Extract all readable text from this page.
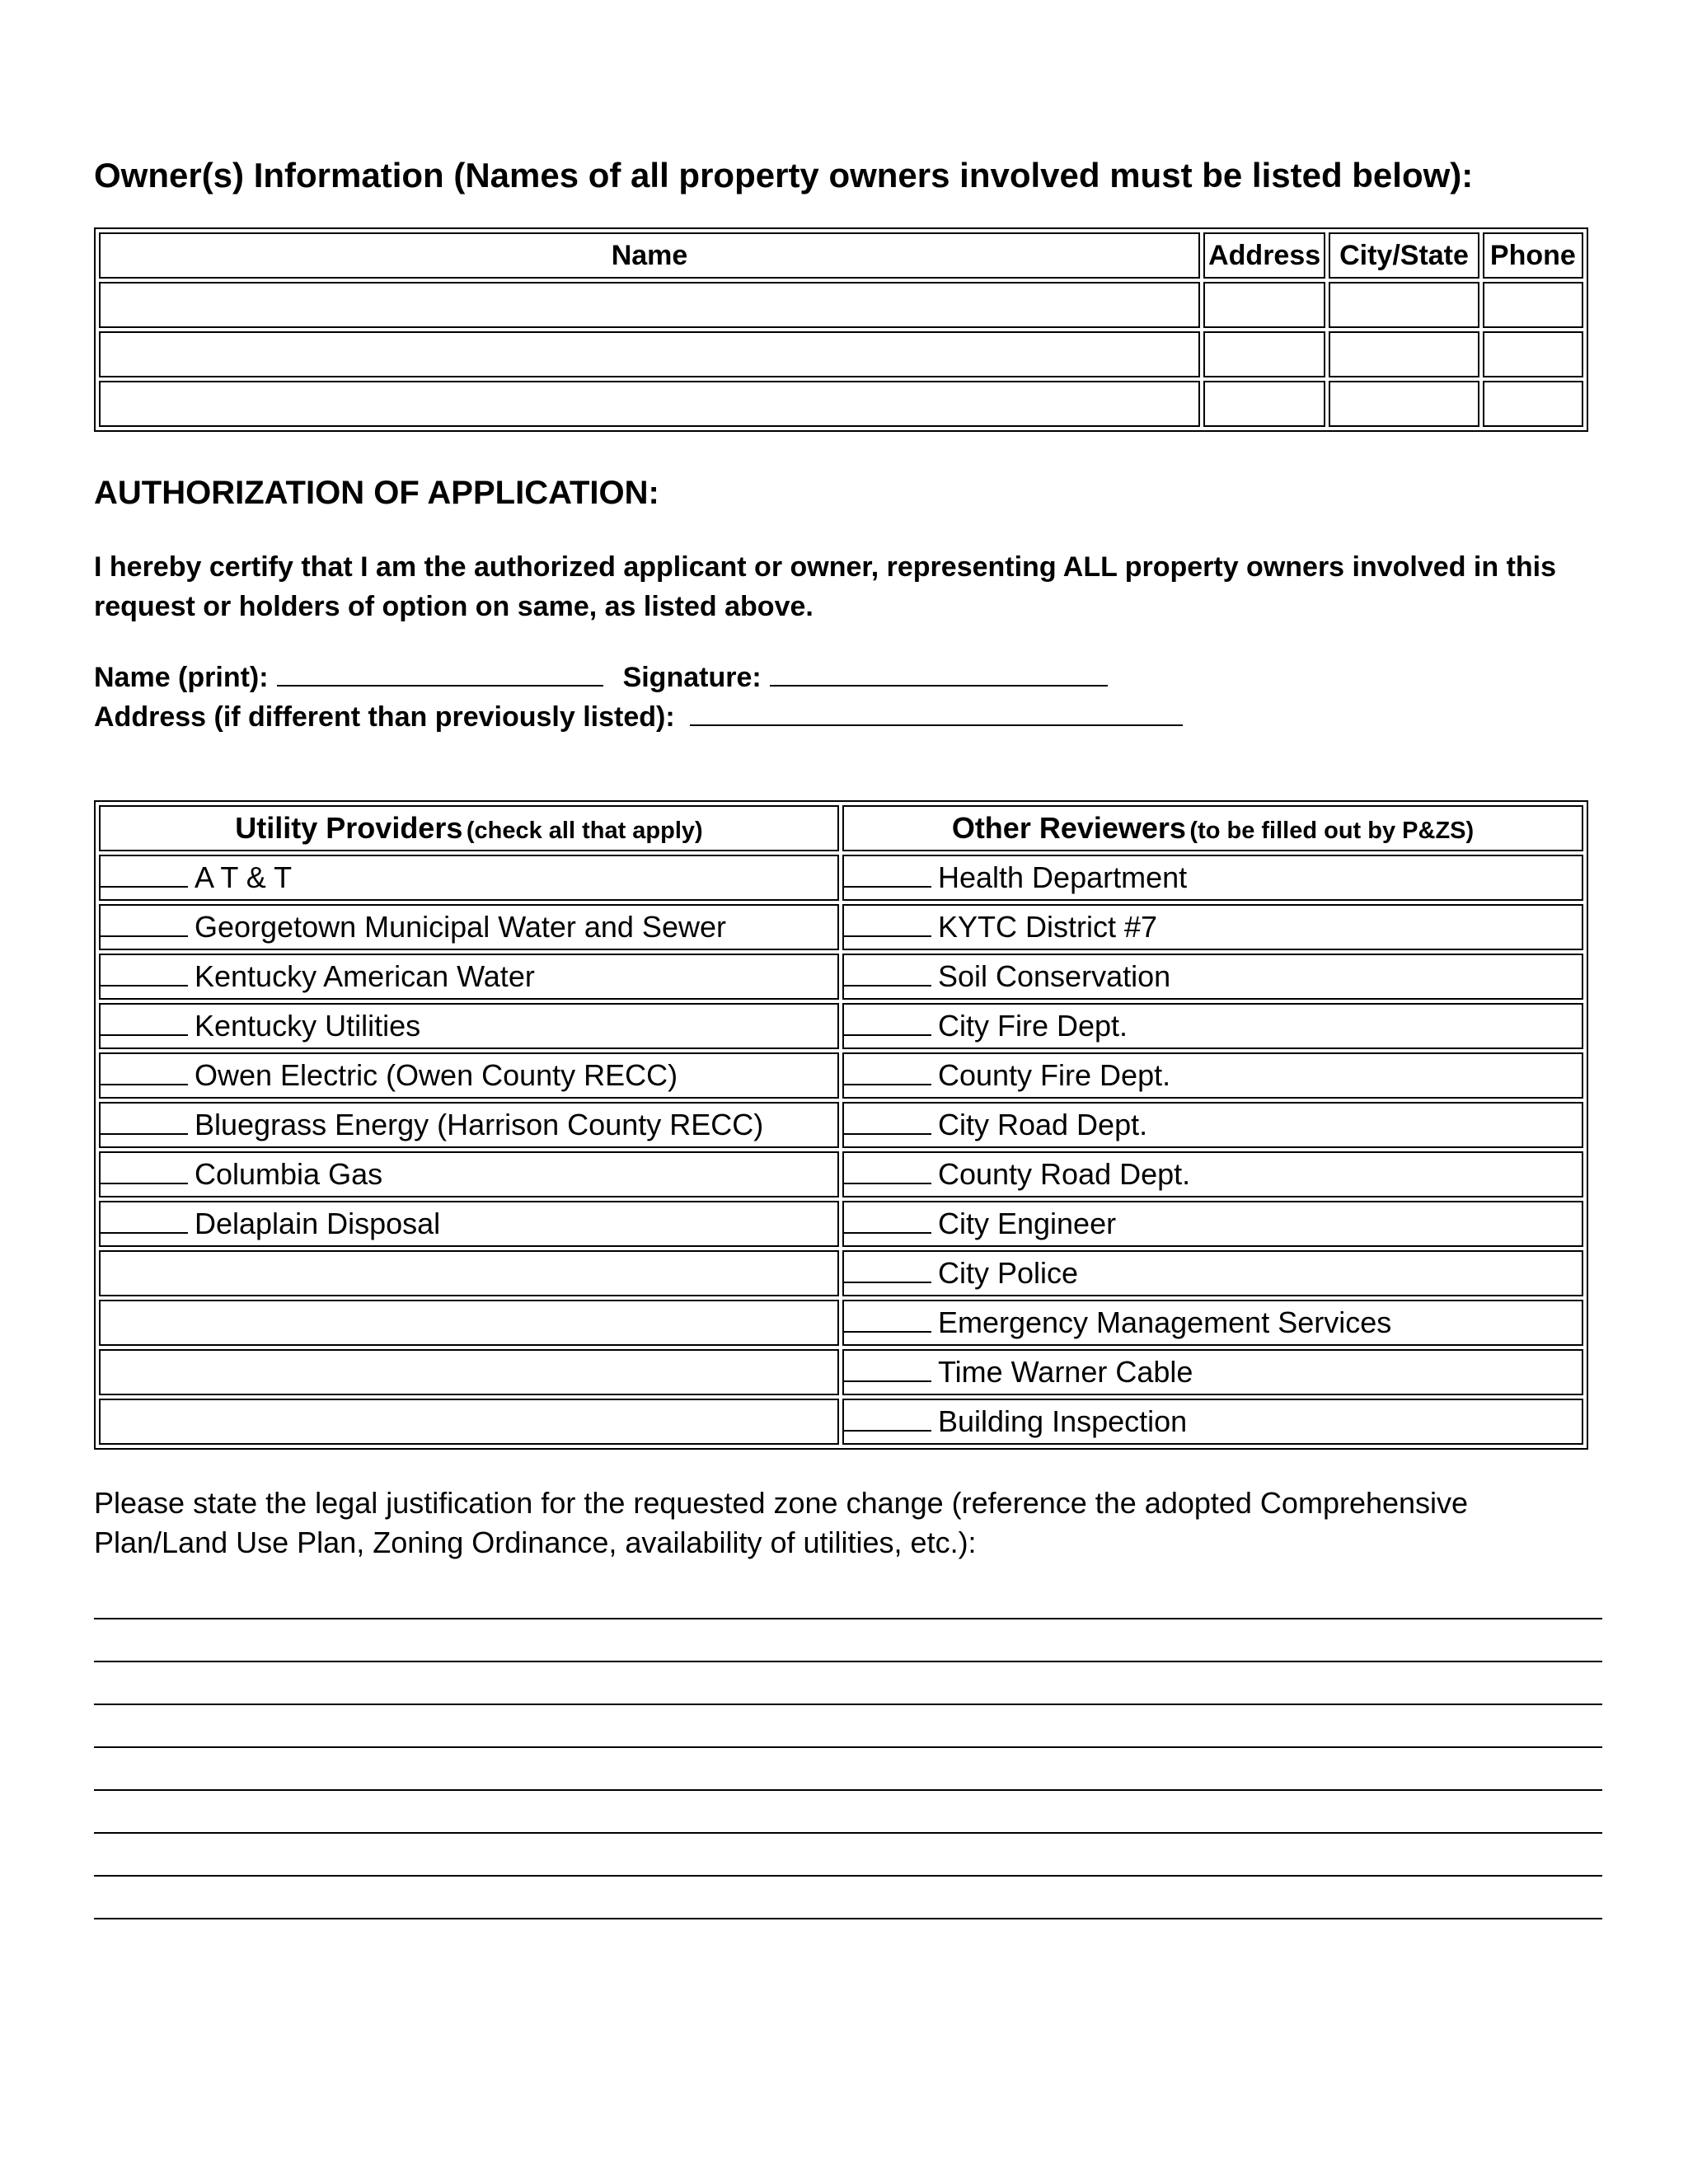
Owner(s) Information (Names of all property owners involved must be listed below):
Name	Address	City/State	Phone

AUTHORIZATION OF APPLICATION:

I hereby certify that I am the authorized applicant or owner, representing ALL property owners involved in this request or holders of option on same, as listed above.

Name (print):	Signature:

Address (if different than previously listed):

Utility Providers (check all that apply)	Other Reviewers (to be filled out by P&ZS)
A T & T	Health Department
Georgetown Municipal Water and Sewer	KYTC District #7
Kentucky American Water	Soil Conservation
Kentucky Utilities	City Fire Dept.
Owen Electric (Owen County RECC)	County Fire Dept.
Bluegrass Energy (Harrison County RECC)	City Road Dept.
Columbia Gas	County Road Dept.
Delaplain Disposal	City Engineer
	City Police
	Emergency Management Services
	Time Warner Cable
	Building Inspection

Please state the legal justification for the requested zone change (reference the adopted Comprehensive Plan/Land Use Plan, Zoning Ordinance, availability of utilities, etc.):
